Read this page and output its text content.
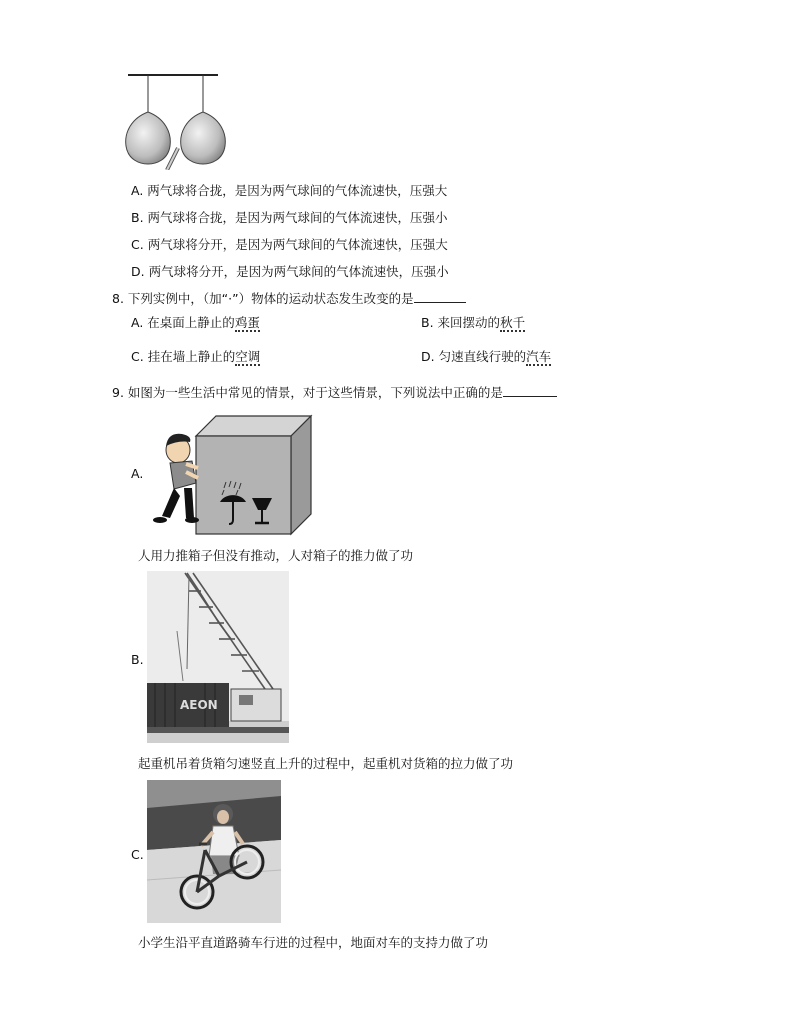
A. 两气球将合拢，是因为两气球间的气体流速快，压强大
B. 两气球将合拢，是因为两气球间的气体流速快，压强小
C. 两气球将分开，是因为两气球间的气体流速快，压强大
D. 两气球将分开，是因为两气球间的气体流速快，压强小
8. 下列实例中，（加“·”）物体的运动状态发生改变的是
A. 在桌面上静止的鸡蛋	B. 来回摆动的秋千
C. 挂在墙上静止的空调	D. 匀速直线行驶的汽车
9. 如图为一些生活中常见的情景，对于这些情景，下列说法中正确的是
A.
人用力推箱子但没有推动，人对箱子的推力做了功
B.
AEON
起重机吊着货箱匀速竖直上升的过程中，起重机对货箱的拉力做了功
C.
小学生沿平直道路骑车行进的过程中，地面对车的支持力做了功
